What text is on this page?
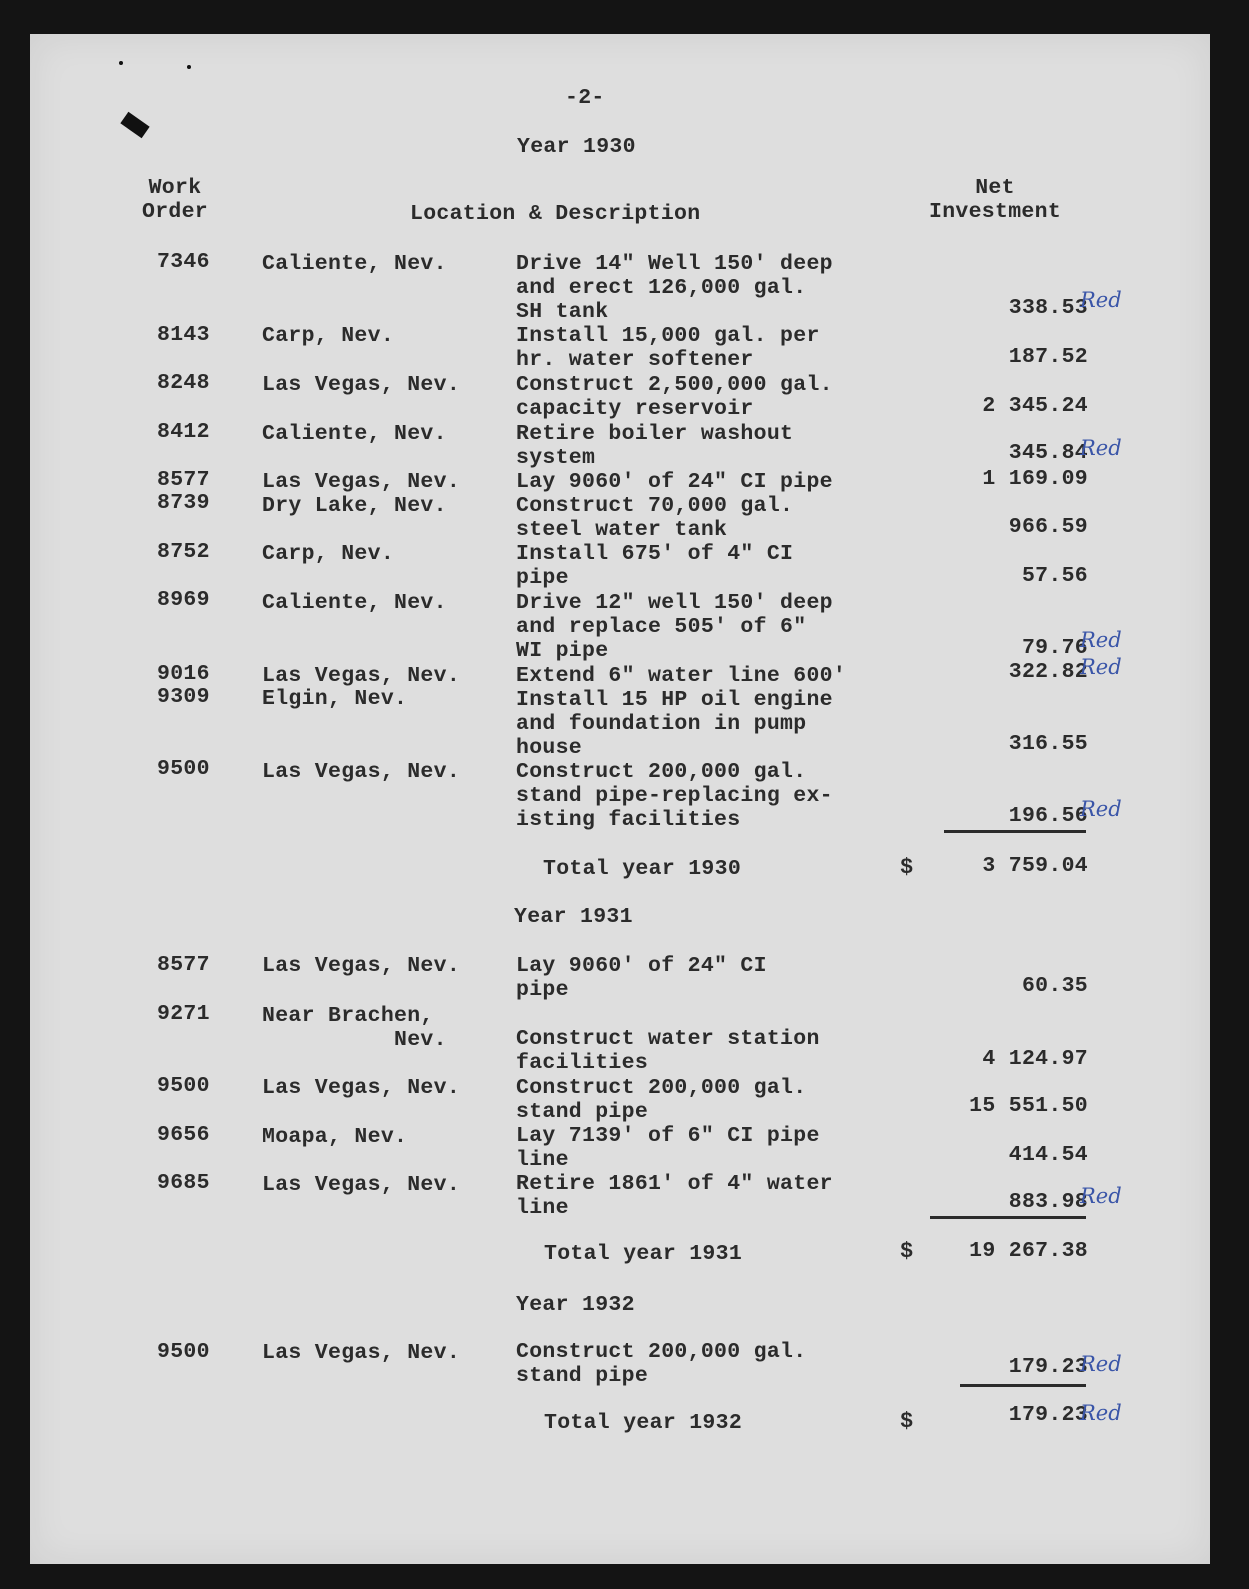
-2-
Year 1930
Work
Order	Location & Description
Net
Investment
7346 Caliente, Nev.	Drive 14" Well 150' deep
and erect 126,000 gal.
SH tank	338.53
Red
8143 Carp, Nev.	Install 15,000 gal. per
hr. water softener	187.52
8248 Las Vegas, Nev.	Construct 2,500,000 gal.
capacity reservoir	2 345.24
8412 Caliente, Nev.	Retire boiler washout
system	345.84
Red
8577 Las Vegas, Nev.	Lay 9060' of 24" CI pipe	1 169.09
8739 Dry Lake, Nev.	Construct 70,000 gal.
steel water tank	966.59
8752 Carp, Nev.	Install 675' of 4" CI
pipe	57.56
8969 Caliente, Nev.	Drive 12" well 150' deep
and replace 505' of 6"
WI pipe	79.76
Red
9016 Las Vegas, Nev.	Extend 6" water line 600'	322.82
Red
9309 Elgin, Nev.	Install 15 HP oil engine
and foundation in pump
house	316.55
9500 Las Vegas, Nev.	Construct 200,000 gal.
stand pipe-replacing ex-
isting facilities	196.56
Red
Total year 1930	$	3 759.04
Year 1931
8577 Las Vegas, Nev.	Lay 9060' of 24" CI
pipe	60.35
9271 Near Brachen,
Nev.	Construct water station
facilities	4 124.97
9500 Las Vegas, Nev.	Construct 200,000 gal.
stand pipe	15 551.50
9656 Moapa, Nev.	Lay 7139' of 6" CI pipe
line	414.54
9685 Las Vegas, Nev.	Retire 1861' of 4" water
line	883.98
Red
Total year 1931	$	19 267.38
Year 1932
9500 Las Vegas, Nev.	Construct 200,000 gal.
stand pipe	179.23
Red
Total year 1932	$	179.23
Red
